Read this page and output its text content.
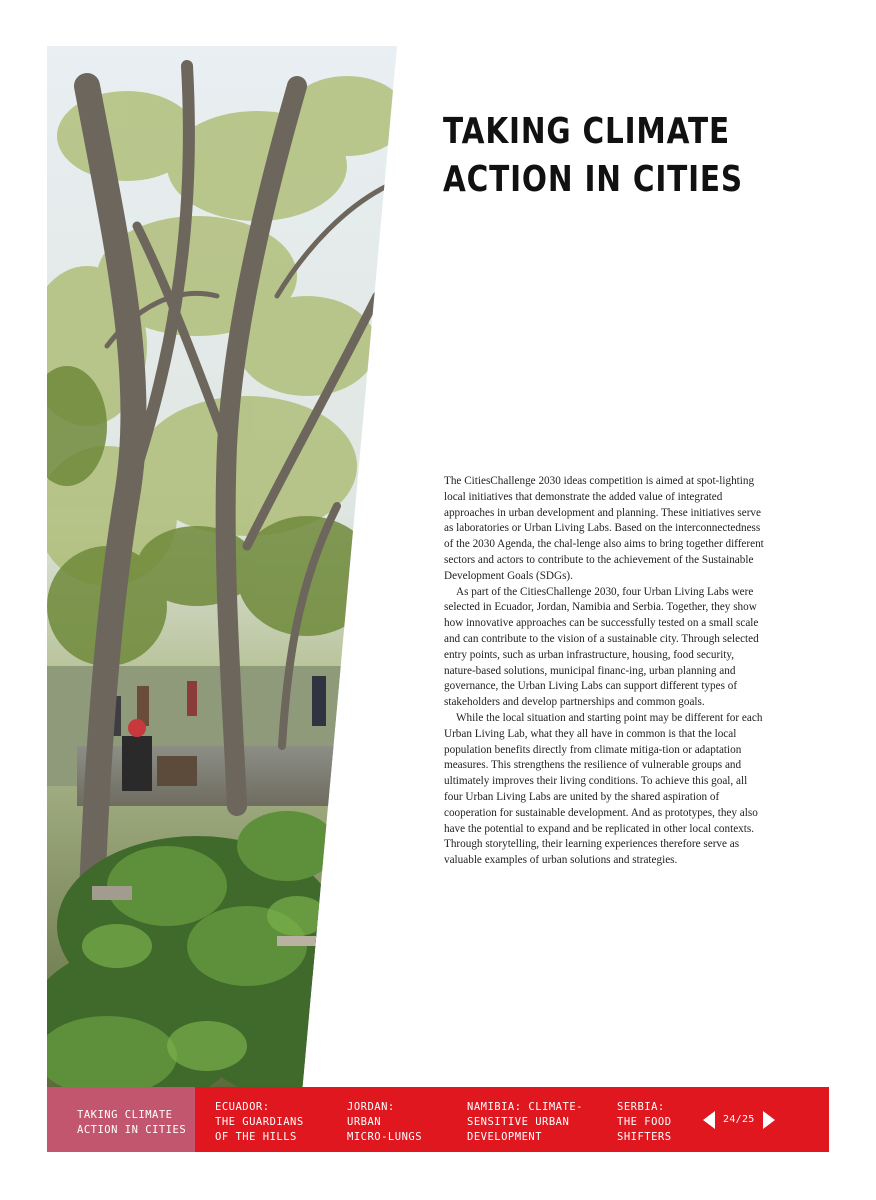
TAKING CLIMATE
ACTION IN CITIES

The CitiesChallenge 2030 ideas competition is aimed at spot-lighting local initiatives that demonstrate the added value of integrated approaches in urban development and planning. These initiatives serve as laboratories or Urban Living Labs. Based on the interconnectedness of the 2030 Agenda, the chal-lenge also aims to bring together different sectors and actors to contribute to the achievement of the Sustainable Development Goals (SDGs).

As part of the CitiesChallenge 2030, four Urban Living Labs were selected in Ecuador, Jordan, Namibia and Serbia. Together, they show how innovative approaches can be successfully tested on a small scale and can contribute to the vision of a sustainable city. Through selected entry points, such as urban infrastructure, housing, food security, nature-based solutions, municipal financ-ing, urban planning and governance, the Urban Living Labs can support different types of stakeholders and develop partnerships and common goals.

While the local situation and starting point may be different for each Urban Living Lab, what they all have in common is that the local population benefits directly from climate mitiga-tion or adaptation measures. This strengthens the resilience of vulnerable groups and ultimately improves their living conditions. To achieve this goal, all four Urban Living Labs are united by the shared aspiration of cooperation for sustainable development. And as prototypes, they also have the potential to expand and be replicated in other local contexts. Through storytelling, their learning experiences therefore serve as valuable examples of urban solutions and strategies.

TAKING CLIMATE
ACTION IN CITIES
ECUADOR:
THE GUARDIANS
OF THE HILLS
JORDAN:
URBAN
MICRO-LUNGS
NAMIBIA: CLIMATE-
SENSITIVE URBAN
DEVELOPMENT
SERBIA:
THE FOOD
SHIFTERS
24/25
